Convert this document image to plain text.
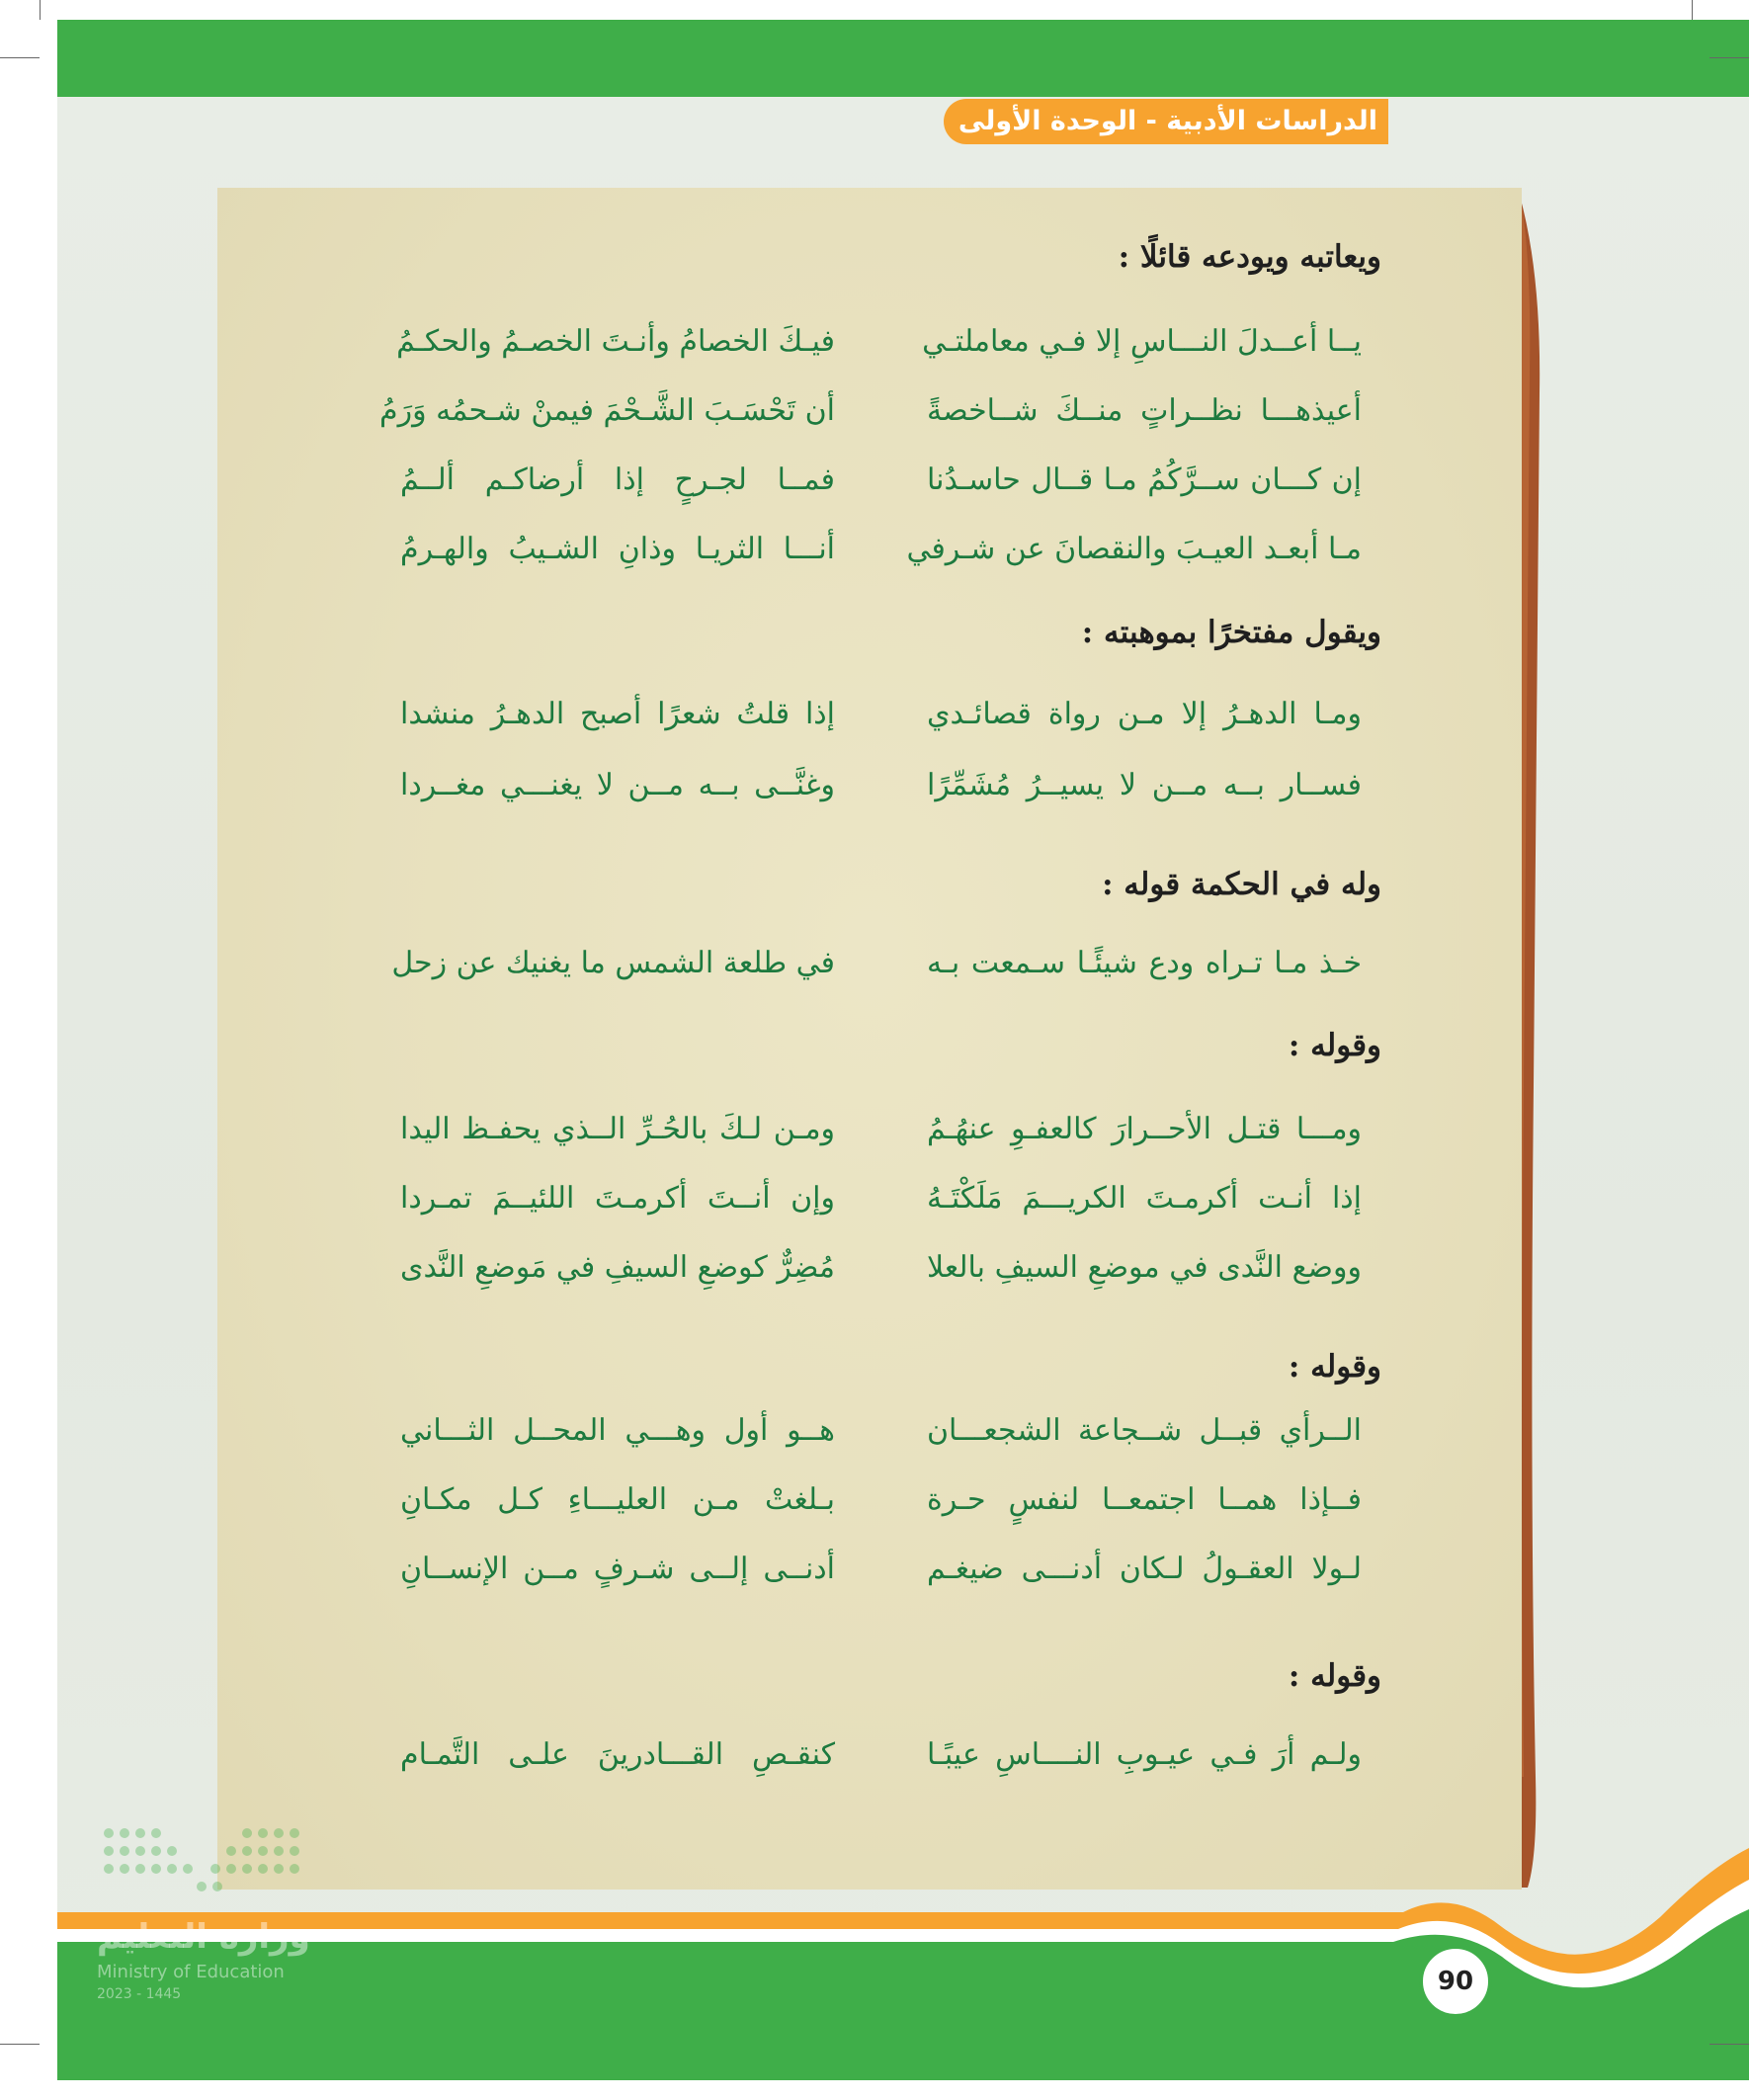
الدراسات الأدبية - الوحدة الأولى
ويعاتبه ويودعه قائلًا :
يــا أعــدلَ النـــاسِ إلا فـي معاملتـي
فيـكَ الخصامُ وأنـتَ الخصـمُ والحكـمُ
أعيذهـــا نظــراتٍ منــكَ شــاخصةً
أن تَحْسَـبَ الشَّـحْمَ فيمنْ شـحمُه وَرَمُ
إن كـــان ســرَّكُمُ مـا قــال حاسـدُنا
فمــا لجـرحٍ إذا أرضاكـم ألــمُ
مـا أبعـد العيـبَ والنقصانَ عن شـرفي
أنـــا الثريـا وذانِ الشـيبُ والهـرمُ
ويقول مفتخرًا بموهبته :
ومـا الدهـرُ إلا مـن رواة قصائـدي
إذا قلتُ شعرًا أصبح الدهـرُ منشدا
فســار بــه مــن لا يسيــرُ مُشَمِّرًا
وغنَّــى بــه مــن لا يغنـــي مغــردا
وله في الحكمة قوله :
خـذ مـا تـراه ودع شيئًـا سـمعت بـه
في طلعة الشمس ما يغنيك عن زحل
وقوله :
ومـــا قتـل الأحــرارَ كالعفـوِ عنهُـمُ
ومـن لـكَ بالحُـرِّ الــذي يحفـظ اليدا
إذا أنـت أكرمـتَ الكريـــمَ مَلَكْتَـهُ
وإن أنــتَ أكرمـتَ اللئيــمَ تمـردا
ووضع النَّدى في موضعِ السيفِ بالعلا
مُضِرٌّ كوضعِ السيفِ في مَوضعِ النَّدى
وقوله :
الــرأي قبــل شــجاعة الشجعـــان
هــو أول وهـــي المحــل الثـــاني
فــإذا همــا اجتمعــا لنفسٍ حـرة
بـلغتْ مـن العليـــاءِ كـل مكـانِ
لـولا العقـولُ لـكان أدنـــى ضيغـم
أدنــى إلــى شـرفٍ مــن الإنســانِ
وقوله :
ولـم أرَ فـي عيـوبِ النــــاسِ عيبًـا
كنقـصِ القـــادرينَ علـى التَّمـام
وزارة التعليم
Ministry of Education
2023 - 1445	90
